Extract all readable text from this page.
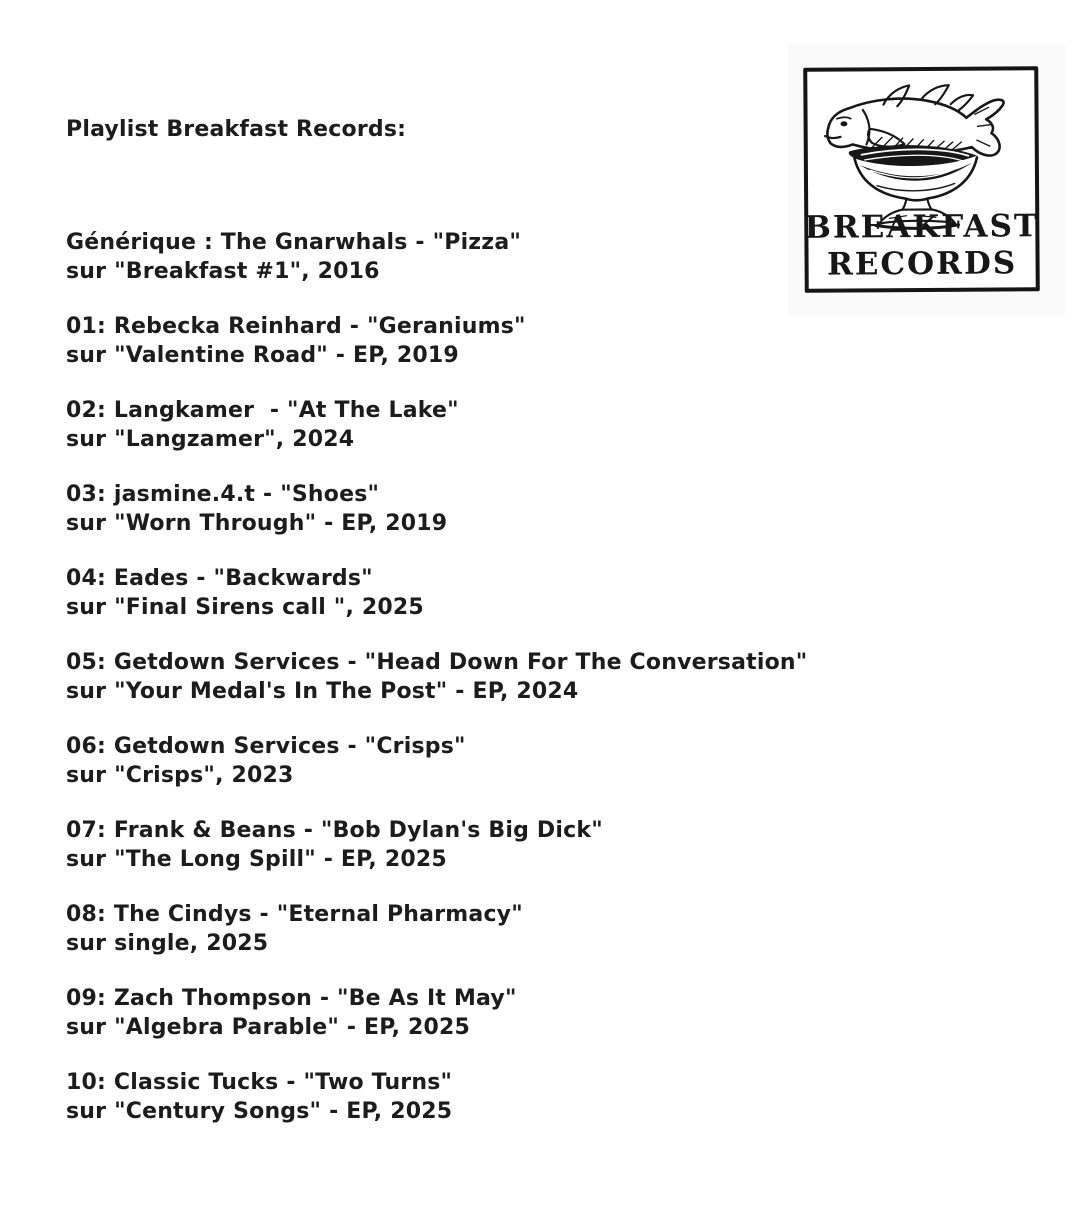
Playlist Breakfast Records:

Générique : The Gnarwhals - "Pizza"
sur "Breakfast #1", 2016
01: Rebecka Reinhard - "Geraniums"
sur "Valentine Road" - EP, 2019
02: Langkamer  - "At The Lake"
sur "Langzamer", 2024
03: jasmine.4.t - "Shoes"
sur "Worn Through" - EP, 2019
04: Eades - "Backwards"
sur "Final Sirens call ", 2025
05: Getdown Services - "Head Down For The Conversation"
sur "Your Medal's In The Post" - EP, 2024
06: Getdown Services - "Crisps"
sur "Crisps", 2023
07: Frank & Beans - "Bob Dylan's Big Dick"
sur "The Long Spill" - EP, 2025
08: The Cindys - "Eternal Pharmacy"
sur single, 2025
09: Zach Thompson - "Be As It May"
sur "Algebra Parable" - EP, 2025
10: Classic Tucks - "Two Turns"
sur "Century Songs" - EP, 2025

BREAKFAST
RECORDS
